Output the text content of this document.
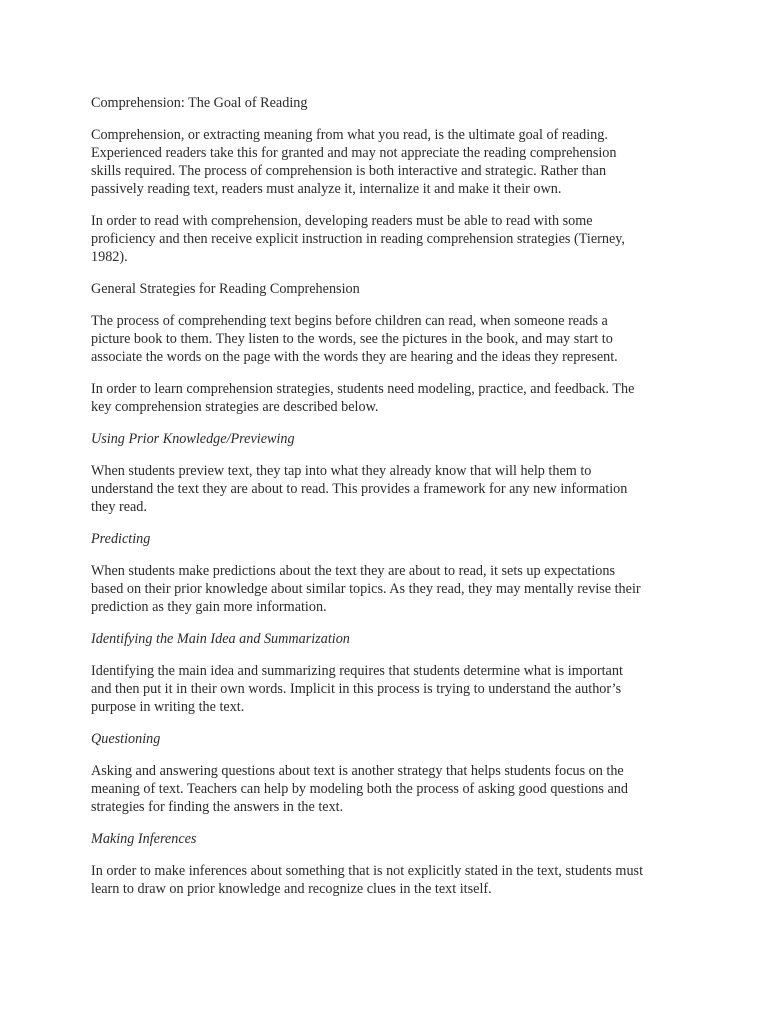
Comprehension: The Goal of Reading

Comprehension, or extracting meaning from what you read, is the ultimate goal of reading.
Experienced readers take this for granted and may not appreciate the reading comprehension
skills required. The process of comprehension is both interactive and strategic. Rather than
passively reading text, readers must analyze it, internalize it and make it their own.

In order to read with comprehension, developing readers must be able to read with some
proficiency and then receive explicit instruction in reading comprehension strategies (Tierney,
1982).

General Strategies for Reading Comprehension

The process of comprehending text begins before children can read, when someone reads a
picture book to them. They listen to the words, see the pictures in the book, and may start to
associate the words on the page with the words they are hearing and the ideas they represent.

In order to learn comprehension strategies, students need modeling, practice, and feedback. The
key comprehension strategies are described below.

Using Prior Knowledge/Previewing

When students preview text, they tap into what they already know that will help them to
understand the text they are about to read. This provides a framework for any new information
they read.

Predicting

When students make predictions about the text they are about to read, it sets up expectations
based on their prior knowledge about similar topics. As they read, they may mentally revise their
prediction as they gain more information.

Identifying the Main Idea and Summarization

Identifying the main idea and summarizing requires that students determine what is important
and then put it in their own words. Implicit in this process is trying to understand the author’s
purpose in writing the text.

Questioning

Asking and answering questions about text is another strategy that helps students focus on the
meaning of text. Teachers can help by modeling both the process of asking good questions and
strategies for finding the answers in the text.

Making Inferences

In order to make inferences about something that is not explicitly stated in the text, students must
learn to draw on prior knowledge and recognize clues in the text itself.
